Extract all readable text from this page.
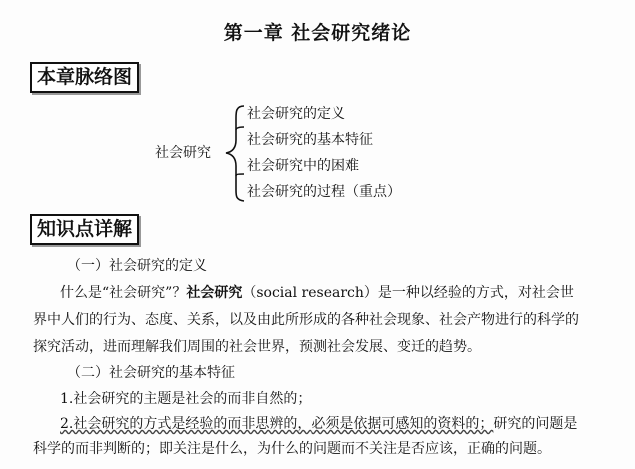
第一章 社会研究绪论
本章脉络图
社会研究
社会研究的定义
社会研究的基本特征
社会研究中的困难
社会研究的过程（重点）
知识点详解
（一）社会研究的定义
什么是“社会研究”？社会研究（social research）是一种以经验的方式，对社会世
界中人们的行为、态度、关系，以及由此所形成的各种社会现象、社会产物进行的科学的
探究活动，进而理解我们周围的社会世界，预测社会发展、变迁的趋势。
（二）社会研究的基本特征
1.社会研究的主题是社会的而非自然的；
2.社会研究的方式是经验的而非思辨的，必须是依据可感知的资料的；研究的问题是
科学的而非判断的；即关注是什么，为什么的问题而不关注是否应该，正确的问题。
